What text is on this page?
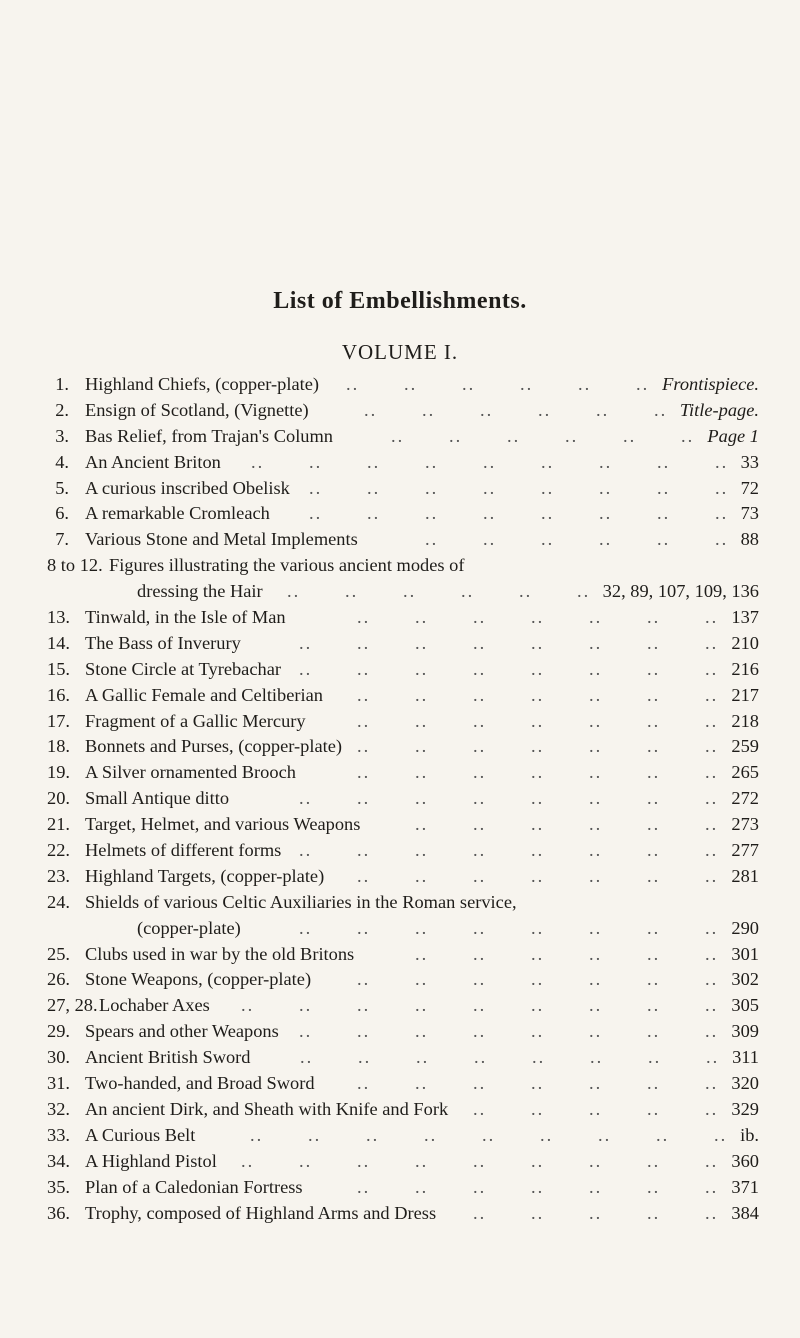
List of Embellishments.
VOLUME I.
1. Highland Chiefs, (copper-plate)	Frontispiece.
..
..
..
..
..
..
2. Ensign of Scotland, (Vignette)	Title-page.
..
..
..
..
..
..
3. Bas Relief, from Trajan's Column	Page 1
..
..
..
..
..
..
4. An Ancient Briton	33
..
..
..
..
..
..
..
..
..
5. A curious inscribed Obelisk	72
..
..
..
..
..
..
..
..
6. A remarkable Cromleach	73
..
..
..
..
..
..
..
..
7. Various Stone and Metal Implements	88
..
..
..
..
..
..
8 to 12. Figures illustrating the various ancient modes of
dressing the Hair	32, 89, 107, 109, 136
..
..
..
..
..
..
13. Tinwald, in the Isle of Man	137
..
..
..
..
..
..
..
14. The Bass of Inverury	210
..
..
..
..
..
..
..
..
15. Stone Circle at Tyrebachar	216
..
..
..
..
..
..
..
..
16. A Gallic Female and Celtiberian	217
..
..
..
..
..
..
..
17. Fragment of a Gallic Mercury	218
..
..
..
..
..
..
..
18. Bonnets and Purses, (copper-plate)	259
..
..
..
..
..
..
..
19. A Silver ornamented Brooch	265
..
..
..
..
..
..
..
20. Small Antique ditto	272
..
..
..
..
..
..
..
..
21. Target, Helmet, and various Weapons	273
..
..
..
..
..
..
22. Helmets of different forms	277
..
..
..
..
..
..
..
..
23. Highland Targets, (copper-plate)	281
..
..
..
..
..
..
..
24. Shields of various Celtic Auxiliaries in the Roman service,
(copper-plate)	290
..
..
..
..
..
..
..
..
25. Clubs used in war by the old Britons	301
..
..
..
..
..
..
26. Stone Weapons, (copper-plate)	302
..
..
..
..
..
..
..
27, 28. Lochaber Axes	305
..
..
..
..
..
..
..
..
..
29. Spears and other Weapons	309
..
..
..
..
..
..
..
..
30. Ancient British Sword	311
..
..
..
..
..
..
..
..
31. Two-handed, and Broad Sword	320
..
..
..
..
..
..
..
32. An ancient Dirk, and Sheath with Knife and Fork	329
..
..
..
..
..
33. A Curious Belt	ib.
..
..
..
..
..
..
..
..
..
34. A Highland Pistol	360
..
..
..
..
..
..
..
..
..
35. Plan of a Caledonian Fortress	371
..
..
..
..
..
..
..
36. Trophy, composed of Highland Arms and Dress	384
..
..
..
..
..
